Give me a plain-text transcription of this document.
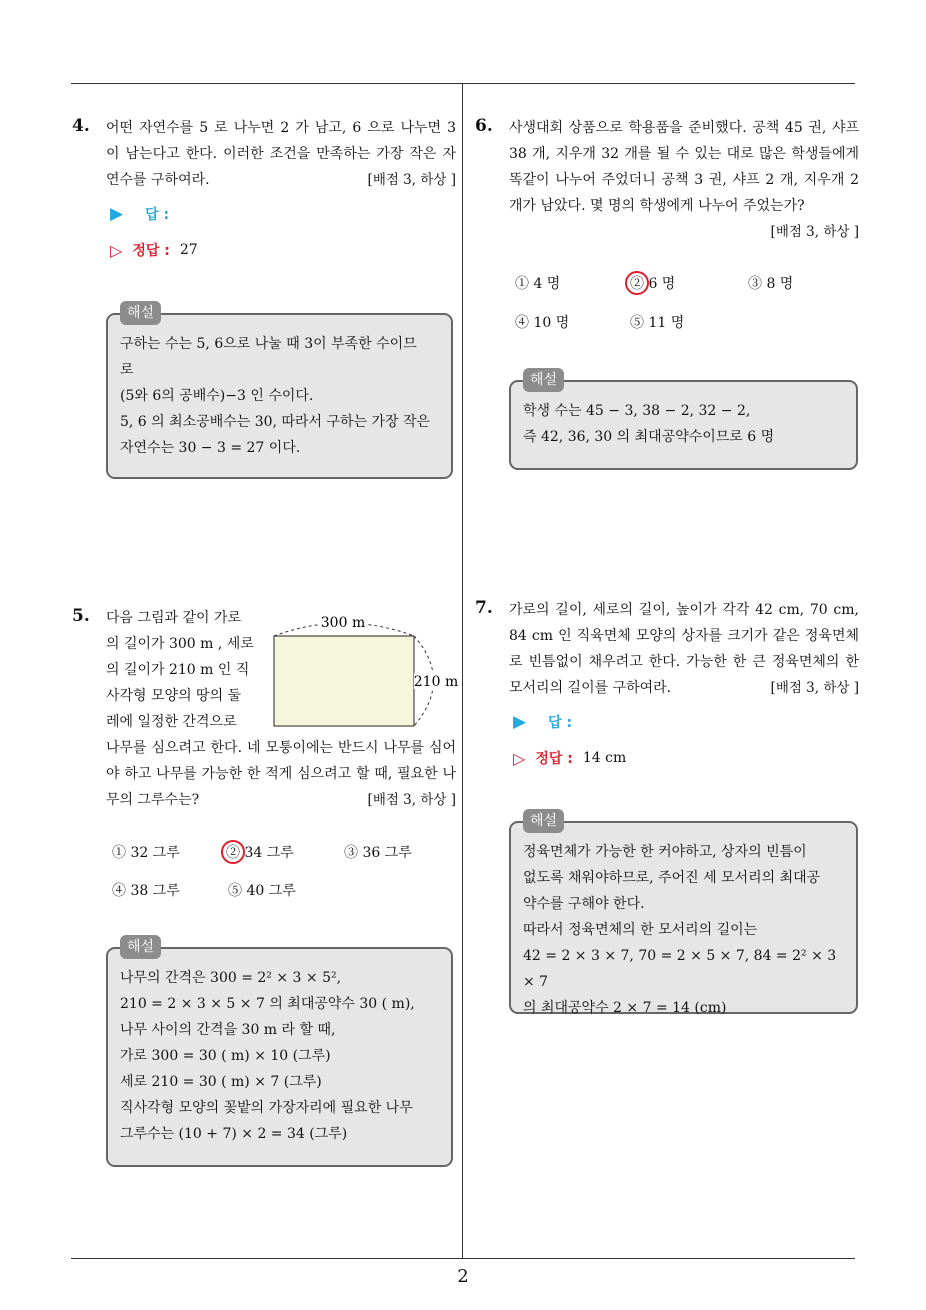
4. 어떤 자연수를 5 로 나누면 2 가 남고, 6 으로 나누면 3 이 남는다고 한다. 이러한 조건을 만족하는 가장 작은 자연수를 구하여라.	[배점 3, 하상 ]
▶ 답 :
▷ 정답 : 27
해설
구하는 수는 5, 6으로 나눌 때 3이 부족한 수이므
로
(5와 6의 공배수)−3 인 수이다.
5, 6 의 최소공배수는 30, 따라서 구하는 가장 작은
자연수는 30 − 3 = 27 이다.
5. 다음 그림과 같이 가로
의 길이가 300 m , 세로
의 길이가 210 m 인 직
사각형 모양의 땅의 둘
레에 일정한 간격으로
300 m
210 m
나무를 심으려고 한다. 네 모퉁이에는 반드시 나무를 심어야 하고 나무를 가능한 한 적게 심으려고 할 때, 필요한 나무의 그루수는?	[배점 3, 하상 ]
① 32 그루	② 34 그루	③ 36 그루
④ 38 그루	⑤ 40 그루
해설
나무의 간격은 300 = 2² × 3 × 5²,
210 = 2 × 3 × 5 × 7 의 최대공약수 30 ( m),
나무 사이의 간격을 30 m 라 할 때,
가로 300 = 30 ( m) × 10 (그루)
세로 210 = 30 ( m) × 7 (그루)
직사각형 모양의 꽃밭의 가장자리에 필요한 나무
그루수는 (10 + 7) × 2 = 34 (그루)
6. 사생대회 상품으로 학용품을 준비했다. 공책 45 권, 샤프 38 개, 지우개 32 개를 될 수 있는 대로 많은 학생들에게 똑같이 나누어 주었더니 공책 3 권, 샤프 2 개, 지우개 2 개가 남았다. 몇 명의 학생에게 나누어 주었는가?
[배점 3, 하상 ]
① 4 명	② 6 명	③ 8 명
④ 10 명	⑤ 11 명
해설
학생 수는 45 − 3, 38 − 2, 32 − 2,
즉 42, 36, 30 의 최대공약수이므로 6 명
7. 가로의 길이, 세로의 길이, 높이가 각각 42 cm, 70 cm, 84 cm 인 직육면체 모양의 상자를 크기가 같은 정육면체로 빈틈없이 채우려고 한다. 가능한 한 큰 정육면체의 한 모서리의 길이를 구하여라.	[배점 3, 하상 ]
▶ 답 :
▷ 정답 : 14 cm
해설
정육면체가 가능한 한 커야하고, 상자의 빈틈이
없도록 채워야하므로, 주어진 세 모서리의 최대공
약수를 구해야 한다.
따라서 정육면체의 한 모서리의 길이는
42 = 2 × 3 × 7, 70 = 2 × 5 × 7, 84 = 2² × 3 × 7
의 최대공약수 2 × 7 = 14 (cm)
2
